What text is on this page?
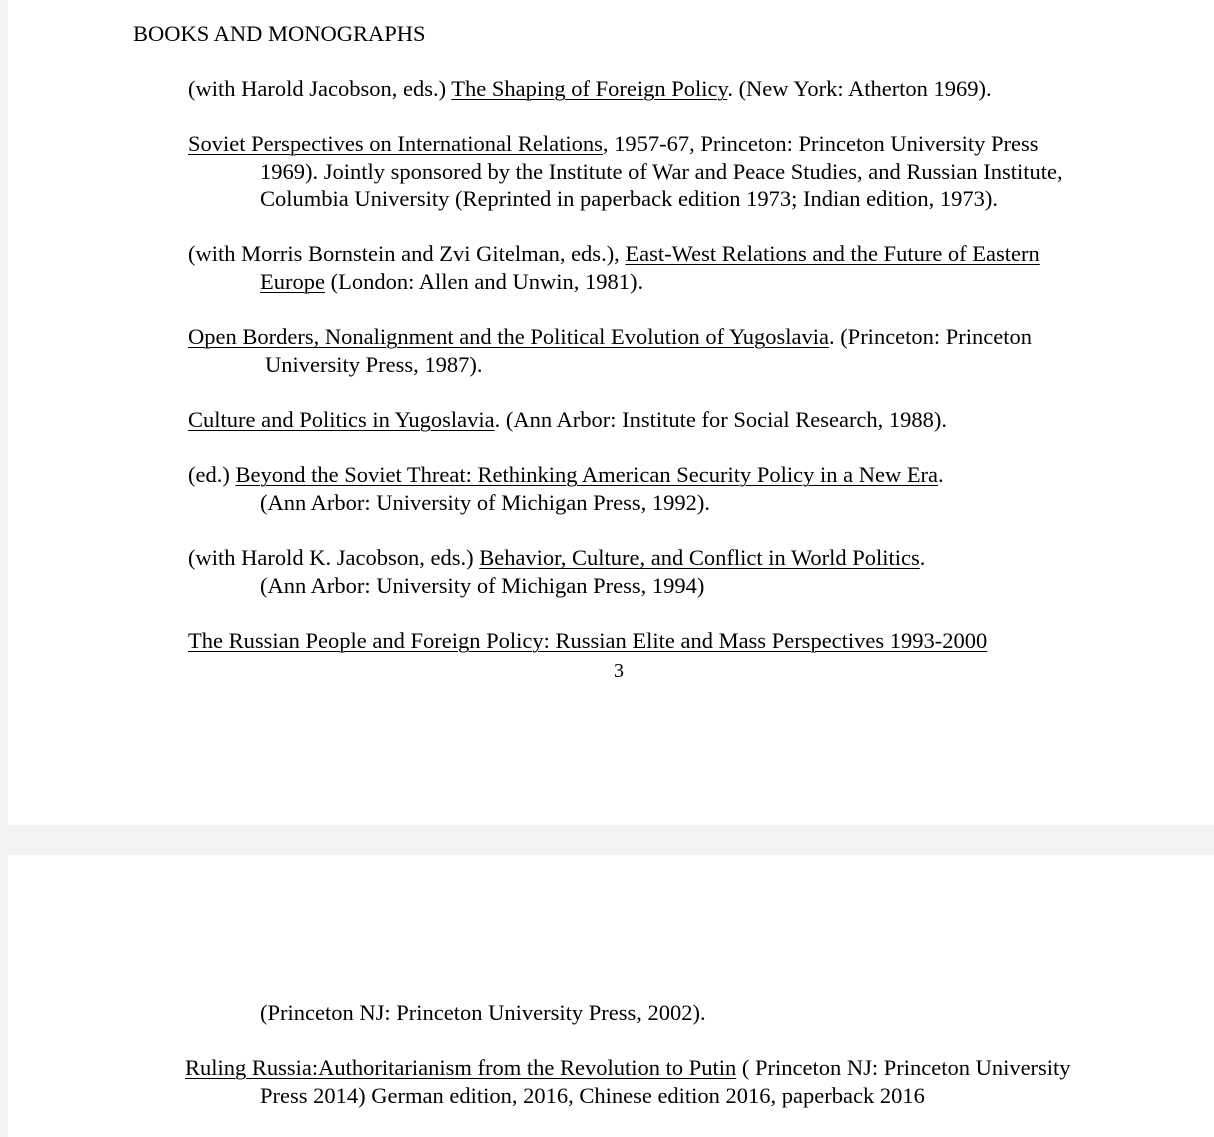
BOOKS AND MONOGRAPHS
(with Harold Jacobson, eds.) The Shaping of Foreign Policy. (New York: Atherton 1969).
Soviet Perspectives on International Relations, 1957-67, Princeton: Princeton University Press
1969). Jointly sponsored by the Institute of War and Peace Studies, and Russian Institute,
Columbia University (Reprinted in paperback edition 1973; Indian edition, 1973).
(with Morris Bornstein and Zvi Gitelman, eds.), East-West Relations and the Future of Eastern
Europe (London: Allen and Unwin, 1981).
Open Borders, Nonalignment and the Political Evolution of Yugoslavia. (Princeton: Princeton
University Press, 1987).
Culture and Politics in Yugoslavia. (Ann Arbor: Institute for Social Research, 1988).
(ed.) Beyond the Soviet Threat: Rethinking American Security Policy in a New Era.
(Ann Arbor: University of Michigan Press, 1992).
(with Harold K. Jacobson, eds.) Behavior, Culture, and Conflict in World Politics.
(Ann Arbor: University of Michigan Press, 1994)
The Russian People and Foreign Policy: Russian Elite and Mass Perspectives 1993-2000
3
(Princeton NJ: Princeton University Press, 2002).
Ruling Russia:Authoritarianism from the Revolution to Putin ( Princeton NJ: Princeton University
Press 2014) German edition, 2016, Chinese edition 2016, paperback 2016
